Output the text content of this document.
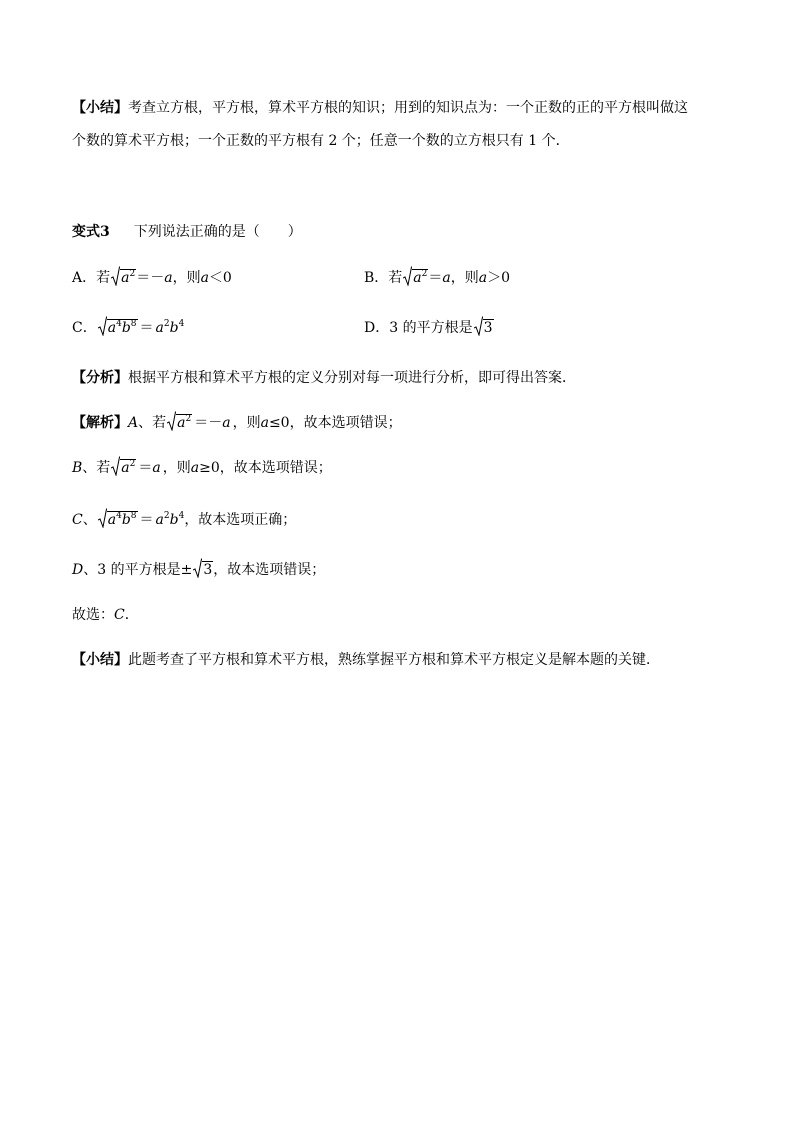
【小结】考查立方根，平方根，算术平方根的知识；用到的知识点为：一个正数的正的平方根叫做这
个数的算术平方根；一个正数的平方根有 2 个；任意一个数的立方根只有 1 个．
变式3 下列说法正确的是（　　）
A．若 $a^2=-a$，则a＜0	B．若 $a^2=a$，则a＞0
C． $a^4b^8 = a^2b^4$	D．3 的平方根是 3
【分析】根据平方根和算术平方根的定义分别对每一项进行分析，即可得出答案．
【解析】A、若 $a^2 =-a$ ，则a≤0，故本选项错误；
B、若 $a^2 =a$ ，则a≥0，故本选项错误；
C、 $a^4b^8 = a^2b^4$，故本选项正确；
D、3 的平方根是± 3，故本选项错误；
故选：C．
【小结】此题考查了平方根和算术平方根，熟练掌握平方根和算术平方根定义是解本题的关键．
